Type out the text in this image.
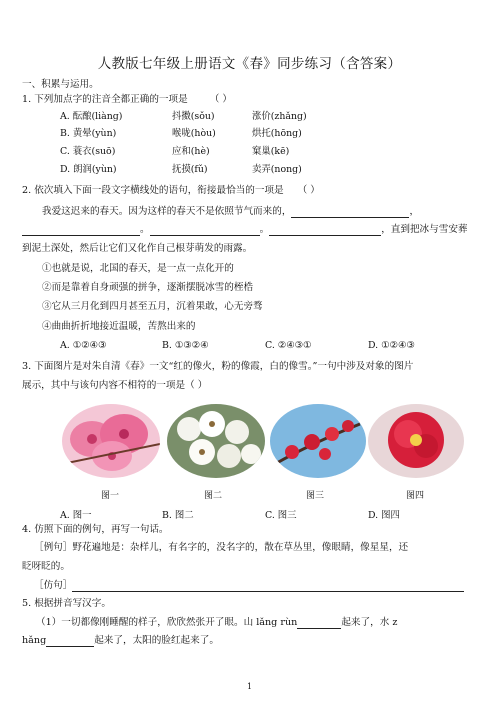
人教版七年级上册语文《春》同步练习（含答案）
一、积累与运用。
1. 下列加点字的注音全都正确的一项是 （ ）
A. 酝酿(liàng)	抖擞(sǒu)	涨价(zhǎng)
B. 黄晕(yùn)	喉咙(hòu)	烘托(hōng)
C. 蓑衣(suō)	应和(hè)	窠巢(kē)
D. 朗润(yùn)	抚摸(fǔ)	卖弄(nong)
2. 依次填入下面一段文字横线处的语句，衔接最恰当的一项是 （ ）
我爱这迟来的春天。因为这样的春天不是依照节气而来的，	，
。	。	，直到把冰与雪安葬
到泥土深处，然后让它们又化作自己根芽萌发的雨露。
①也就是说，北国的春天，是一点一点化开的
②而是靠着自身顽强的拼争，逐渐摆脱冰雪的桎梏
③它从三月化到四月甚至五月，沉着果敢，心无旁骛
④曲曲折折地接近温暖，苦熬出来的
A. ①②④③	B. ①③②④	C. ②④③①	D. ①②④③
3. 下面图片是对朱自清《春》一文“红的像火，粉的像霞，白的像雪。”一句中涉及对象的图片
展示，其中与该句内容不相符的一项是（ ）
图一	图二	图三	图四
A. 图一	B. 图二	C. 图三	D. 图四
4. 仿照下面的例句，再写一句话。
［例句］野花遍地是：杂样儿，有名字的，没名字的，散在草丛里，像眼睛，像星星，还
眨呀眨的。
［仿句］
5. 根据拼音写汉字。
（1）一切都像刚睡醒的样子，欣欣然张开了眼。山 lǎng rùn	起来了，水 z
hǎng	起来了，太阳的脸红起来了。
1
